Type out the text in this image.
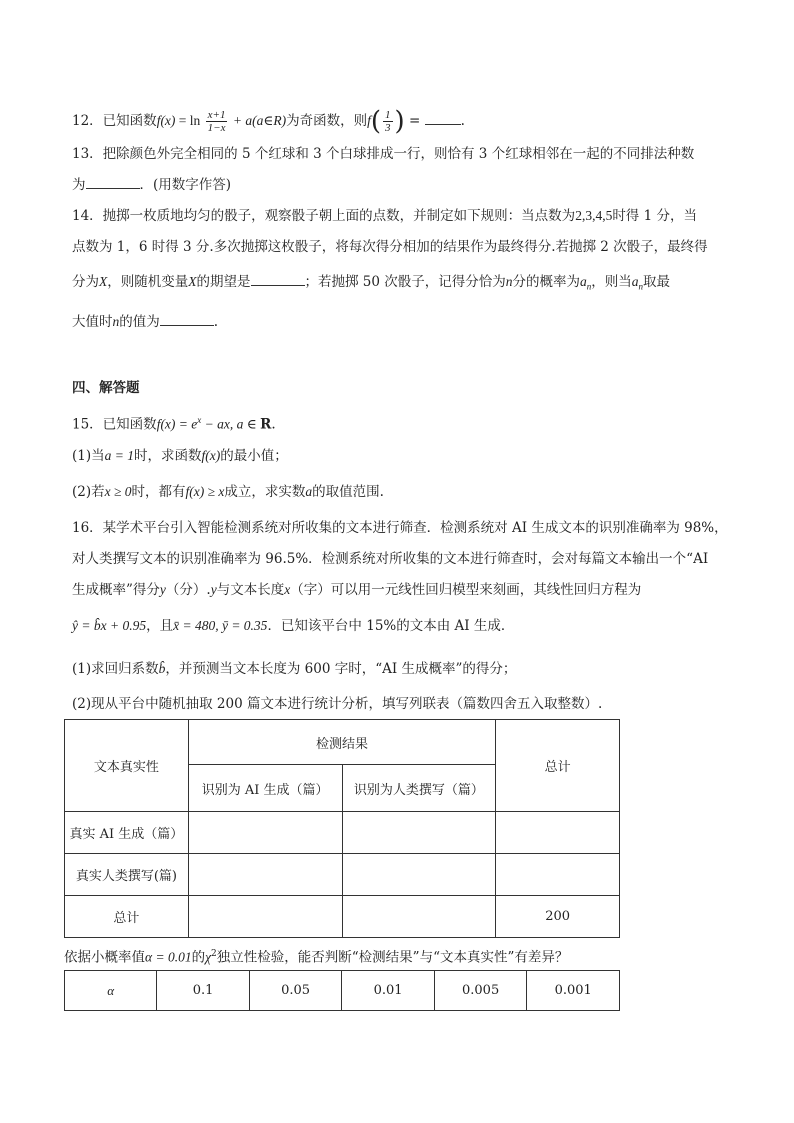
12．已知函数$f(x) = \ln \frac{x+1}{1-x}$ + a(a∈R)为奇函数，则$f( \frac{1}{3}$ ) =	.
13．把除颜色外完全相同的 5 个红球和 3 个白球排成一行，则恰有 3 个红球相邻在一起的不同排法种数
为	．(用数字作答)
14．抛掷一枚质地均匀的骰子，观察骰子朝上面的点数，并制定如下规则：当点数为2,3,4,5时得 1 分，当
点数为 1，6 时得 3 分.多次抛掷这枚骰子，将每次得分相加的结果作为最终得分.若抛掷 2 次骰子，最终得
分为X，则随机变量X的期望是	；若抛掷 50 次骰子，记得分恰为n分的概率为$a_n$，则当$a_n$取最
大值时n的值为	.
四、解答题
15．已知函数$f(x) = e^x$ − ax, a ∈ R.
(1)当a = 1时，求函数f(x)的最小值；
(2)若x ≥ 0时，都有f(x) ≥ x成立，求实数a的取值范围.
16．某学术平台引入智能检测系统对所收集的文本进行筛查．检测系统对 AI 生成文本的识别准确率为 98%，
对人类撰写文本的识别准确率为 96.5%．检测系统对所收集的文本进行筛查时，会对每篇文本输出一个“AI
生成概率”得分y（分）.y与文本长度x（字）可以用一元线性回归模型来刻画，其线性回归方程为
ŷ = b̂x + 0.95，且x̄ = 480, ȳ = 0.35．已知该平台中 15%的文本由 AI 生成．
(1)求回归系数b̂，并预测当文本长度为 600 字时，“AI 生成概率”的得分；
(2)现从平台中随机抽取 200 篇文本进行统计分析，填写列联表（篇数四舍五入取整数）.
文本真实性	检测结果		总计
	识别为 AI 生成（篇）	识别为人类撰写（篇）	
真实 AI 生成（篇）			
真实人类撰写(篇)			
总计			200
依据小概率值α = 0.01的$\chi^2$独立性检验，能否判断“检测结果”与“文本真实性”有差异？
α	0.1	0.05	0.01	0.005	0.001
